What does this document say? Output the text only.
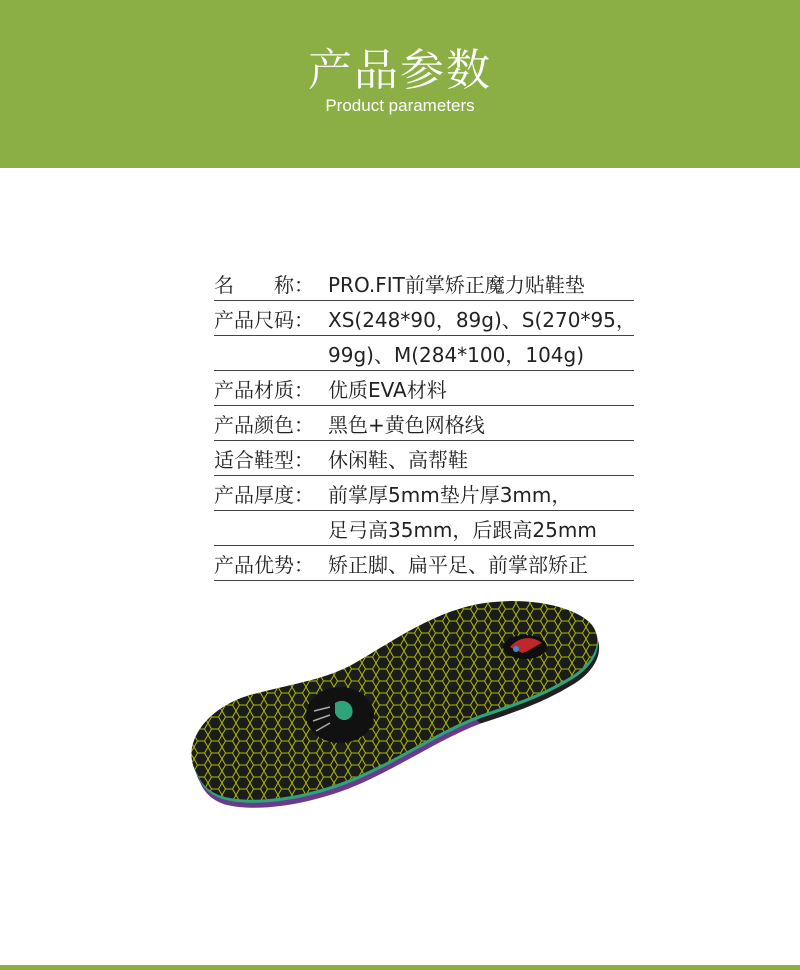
产品参数
Product parameters
名 称： PRO.FIT前掌矫正魔力贴鞋垫
产品尺码： XS(248*90，89g)、S(270*95，
99g)、M(284*100，104g)
产品材质： 优质EVA材料
产品颜色： 黑色+黄色网格线
适合鞋型： 休闲鞋、高帮鞋
产品厚度： 前掌厚5mm垫片厚3mm，
足弓高35mm，后跟高25mm
产品优势： 矫正脚、扁平足、前掌部矫正
